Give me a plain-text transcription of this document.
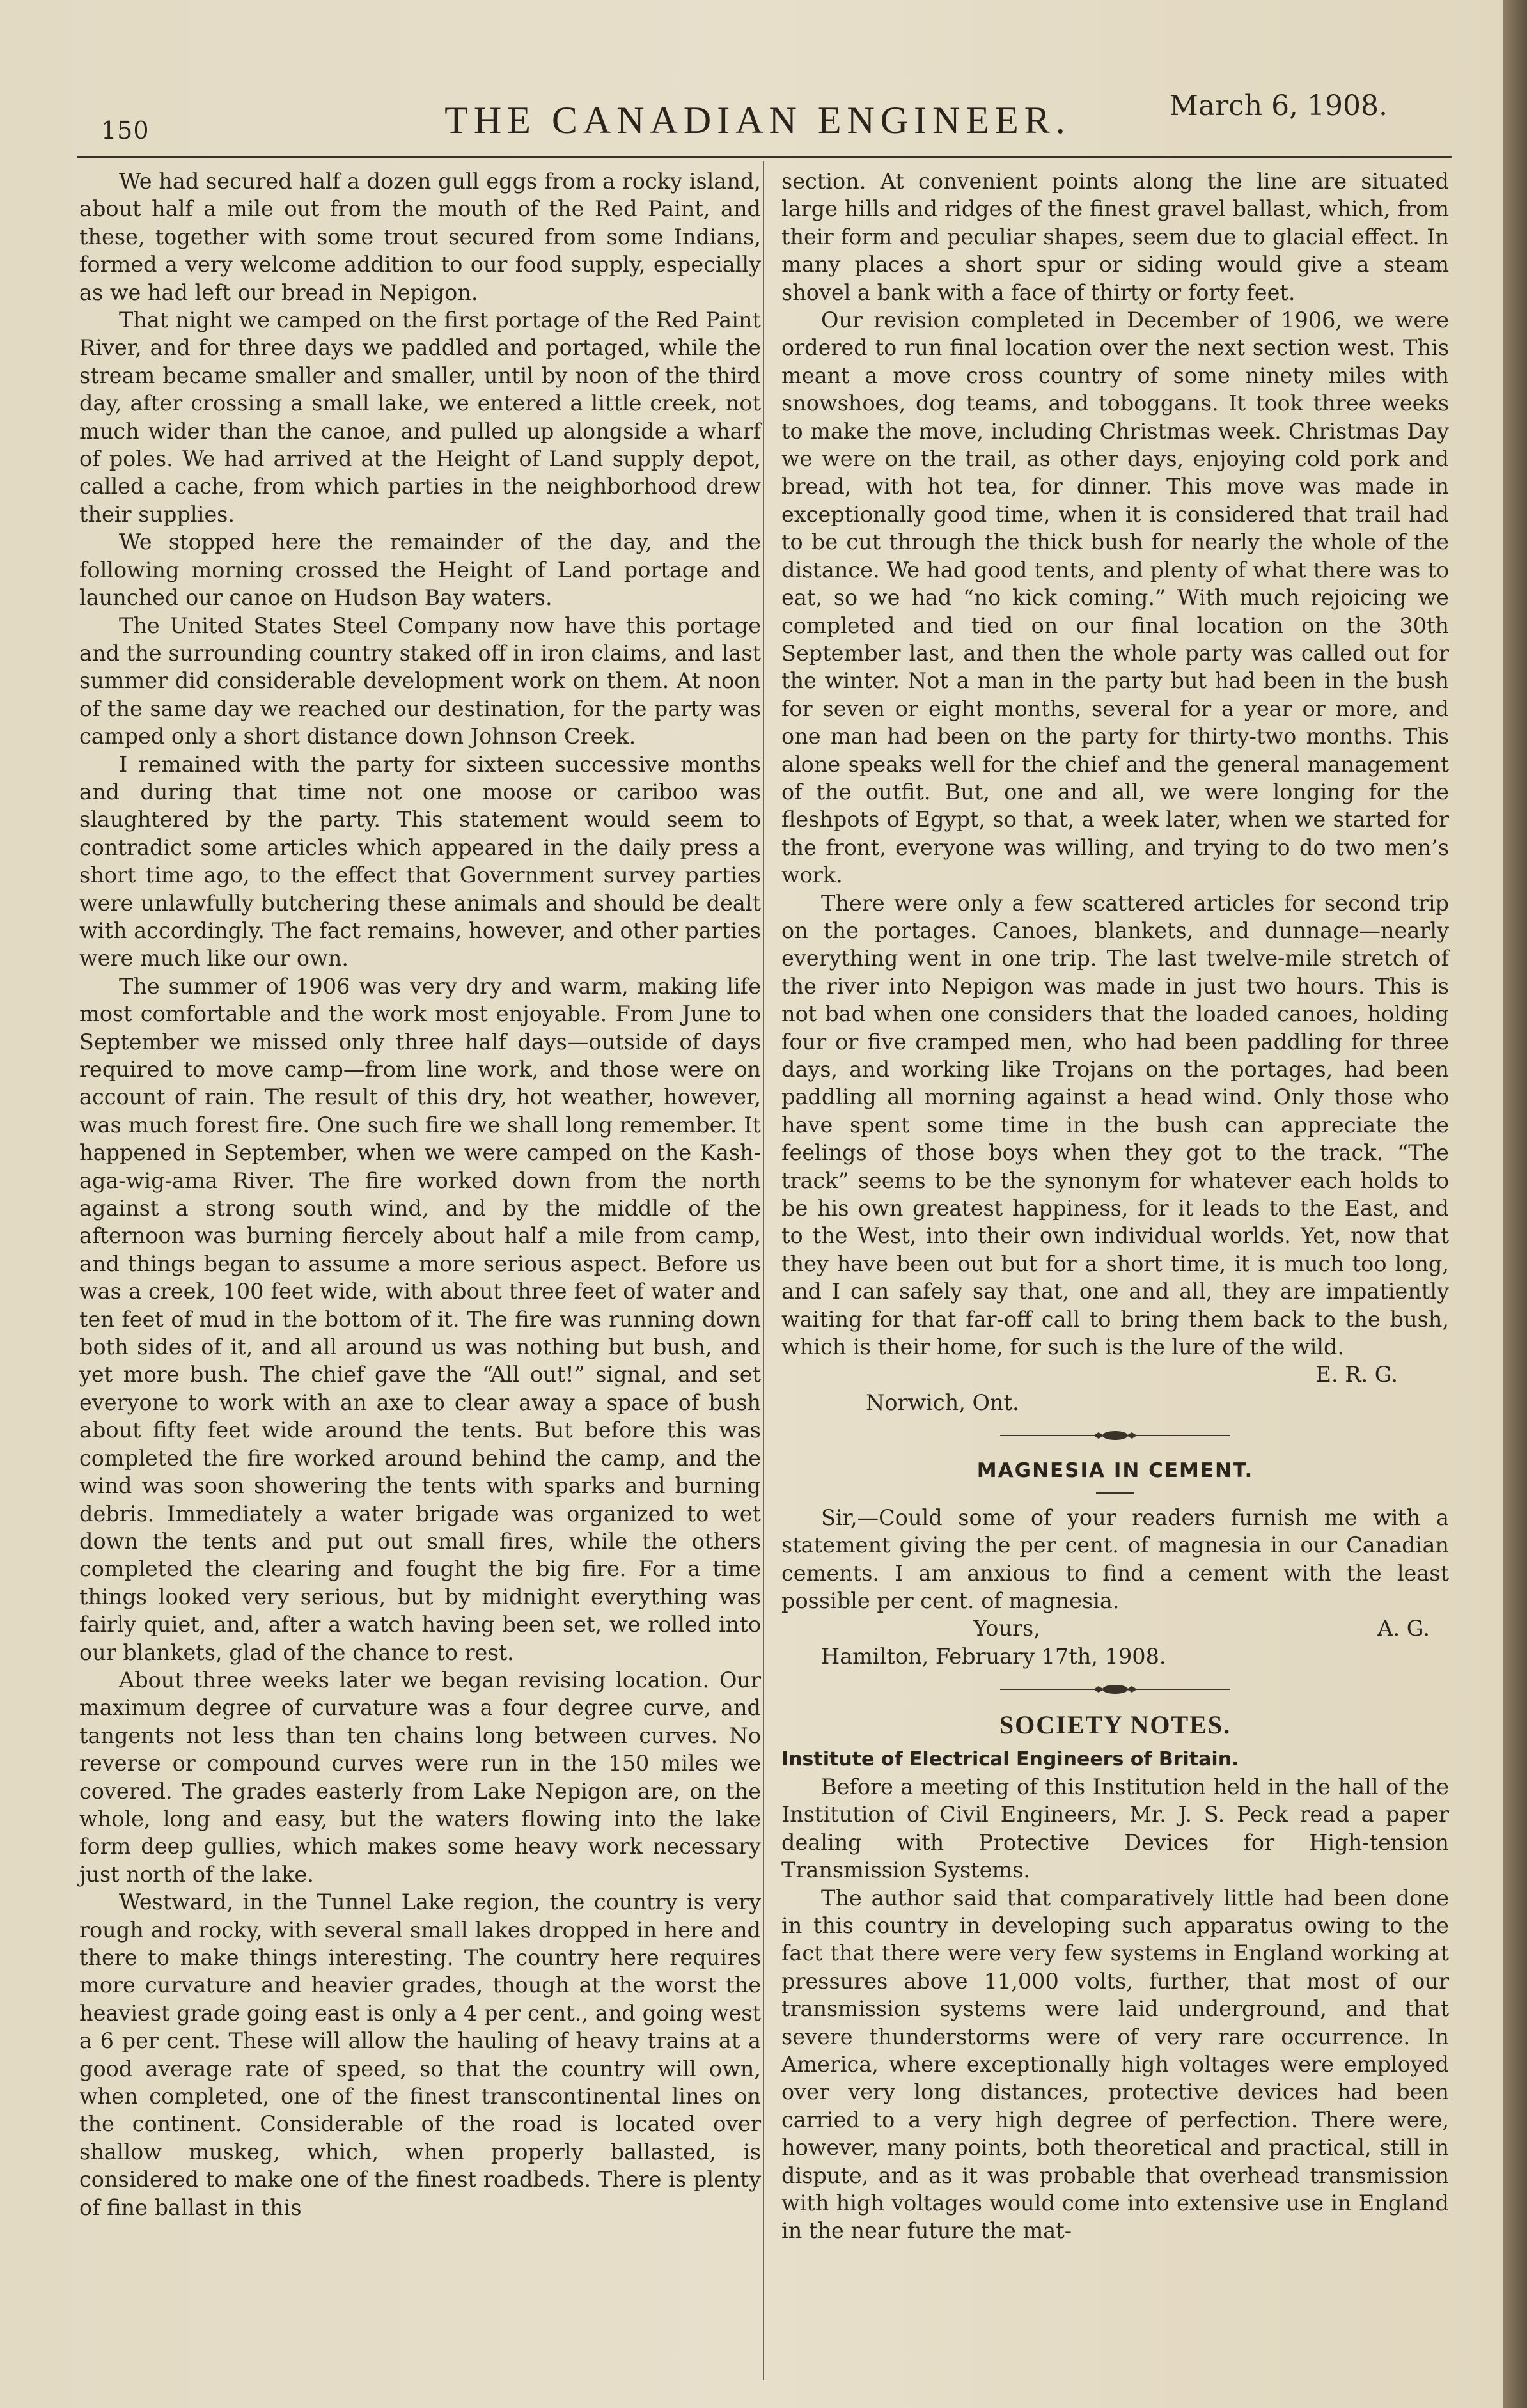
150	THE CANADIAN ENGINEER.	March 6, 1908.

We had secured half a dozen gull eggs from a rocky island, about half a mile out from the mouth of the Red Paint, and these, together with some trout secured from some Indians, formed a very welcome addition to our food supply, especially as we had left our bread in Nepigon.

That night we camped on the first portage of the Red Paint River, and for three days we paddled and portaged, while the stream became smaller and smaller, until by noon of the third day, after crossing a small lake, we entered a little creek, not much wider than the canoe, and pulled up alongside a wharf of poles. We had arrived at the Height of Land supply depot, called a cache, from which parties in the neighborhood drew their supplies.

We stopped here the remainder of the day, and the following morning crossed the Height of Land portage and launched our canoe on Hudson Bay waters.

The United States Steel Company now have this portage and the surrounding country staked off in iron claims, and last summer did considerable development work on them. At noon of the same day we reached our destination, for the party was camped only a short distance down Johnson Creek.

I remained with the party for sixteen successive months and during that time not one moose or cariboo was slaughtered by the party. This statement would seem to contradict some articles which appeared in the daily press a short time ago, to the effect that Government survey parties were unlawfully butchering these animals and should be dealt with accordingly. The fact remains, however, and other parties were much like our own.

The summer of 1906 was very dry and warm, making life most comfortable and the work most enjoyable. From June to September we missed only three half days—outside of days required to move camp—from line work, and those were on account of rain. The result of this dry, hot weather, however, was much forest fire. One such fire we shall long remember. It happened in September, when we were camped on the Kash-aga-wig-ama River. The fire worked down from the north against a strong south wind, and by the middle of the afternoon was burning fiercely about half a mile from camp, and things began to assume a more serious aspect. Before us was a creek, 100 feet wide, with about three feet of water and ten feet of mud in the bottom of it. The fire was running down both sides of it, and all around us was nothing but bush, and yet more bush. The chief gave the “All out!” signal, and set everyone to work with an axe to clear away a space of bush about fifty feet wide around the tents. But before this was completed the fire worked around behind the camp, and the wind was soon showering the tents with sparks and burning debris. Immediately a water brigade was organized to wet down the tents and put out small fires, while the others completed the clearing and fought the big fire. For a time things looked very serious, but by midnight everything was fairly quiet, and, after a watch having been set, we rolled into our blankets, glad of the chance to rest.

About three weeks later we began revising location. Our maximum degree of curvature was a four degree curve, and tangents not less than ten chains long between curves. No reverse or compound curves were run in the 150 miles we covered. The grades easterly from Lake Nepigon are, on the whole, long and easy, but the waters flowing into the lake form deep gullies, which makes some heavy work necessary just north of the lake.

Westward, in the Tunnel Lake region, the country is very rough and rocky, with several small lakes dropped in here and there to make things interesting. The country here requires more curvature and heavier grades, though at the worst the heaviest grade going east is only a 4 per cent., and going west a 6 per cent. These will allow the hauling of heavy trains at a good average rate of speed, so that the country will own, when completed, one of the finest transcontinental lines on the continent. Considerable of the road is located over shallow muskeg, which, when properly ballasted, is considered to make one of the finest roadbeds. There is plenty of fine ballast in this

section. At convenient points along the line are situated large hills and ridges of the finest gravel ballast, which, from their form and peculiar shapes, seem due to glacial effect. In many places a short spur or siding would give a steam shovel a bank with a face of thirty or forty feet.

Our revision completed in December of 1906, we were ordered to run final location over the next section west. This meant a move cross country of some ninety miles with snowshoes, dog teams, and toboggans. It took three weeks to make the move, including Christmas week. Christmas Day we were on the trail, as other days, enjoying cold pork and bread, with hot tea, for dinner. This move was made in exceptionally good time, when it is considered that trail had to be cut through the thick bush for nearly the whole of the distance. We had good tents, and plenty of what there was to eat, so we had “no kick coming.” With much rejoicing we completed and tied on our final location on the 30th September last, and then the whole party was called out for the winter. Not a man in the party but had been in the bush for seven or eight months, several for a year or more, and one man had been on the party for thirty-two months. This alone speaks well for the chief and the general management of the outfit. But, one and all, we were longing for the fleshpots of Egypt, so that, a week later, when we started for the front, everyone was willing, and trying to do two men’s work.

There were only a few scattered articles for second trip on the portages. Canoes, blankets, and dunnage—nearly everything went in one trip. The last twelve-mile stretch of the river into Nepigon was made in just two hours. This is not bad when one considers that the loaded canoes, holding four or five cramped men, who had been paddling for three days, and working like Trojans on the portages, had been paddling all morning against a head wind. Only those who have spent some time in the bush can appreciate the feelings of those boys when they got to the track. “The track” seems to be the synonym for whatever each holds to be his own greatest happiness, for it leads to the East, and to the West, into their own individual worlds. Yet, now that they have been out but for a short time, it is much too long, and I can safely say that, one and all, they are impatiently waiting for that far-off call to bring them back to the bush, which is their home, for such is the lure of the wild.

E. R. G.

Norwich, Ont.

MAGNESIA IN CEMENT.

Sir,—Could some of your readers furnish me with a statement giving the per cent. of magnesia in our Canadian cements. I am anxious to find a cement with the least possible per cent. of magnesia.

Yours,	A. G.

Hamilton, February 17th, 1908.

SOCIETY NOTES.
Institute of Electrical Engineers of Britain.

Before a meeting of this Institution held in the hall of the Institution of Civil Engineers, Mr. J. S. Peck read a paper dealing with Protective Devices for High-tension Transmission Systems.

The author said that comparatively little had been done in this country in developing such apparatus owing to the fact that there were very few systems in England working at pressures above 11,000 volts, further, that most of our transmission systems were laid underground, and that severe thunderstorms were of very rare occurrence. In America, where exceptionally high voltages were employed over very long distances, protective devices had been carried to a very high degree of perfection. There were, however, many points, both theoretical and practical, still in dispute, and as it was probable that overhead transmission with high voltages would come into extensive use in England in the near future the mat-
